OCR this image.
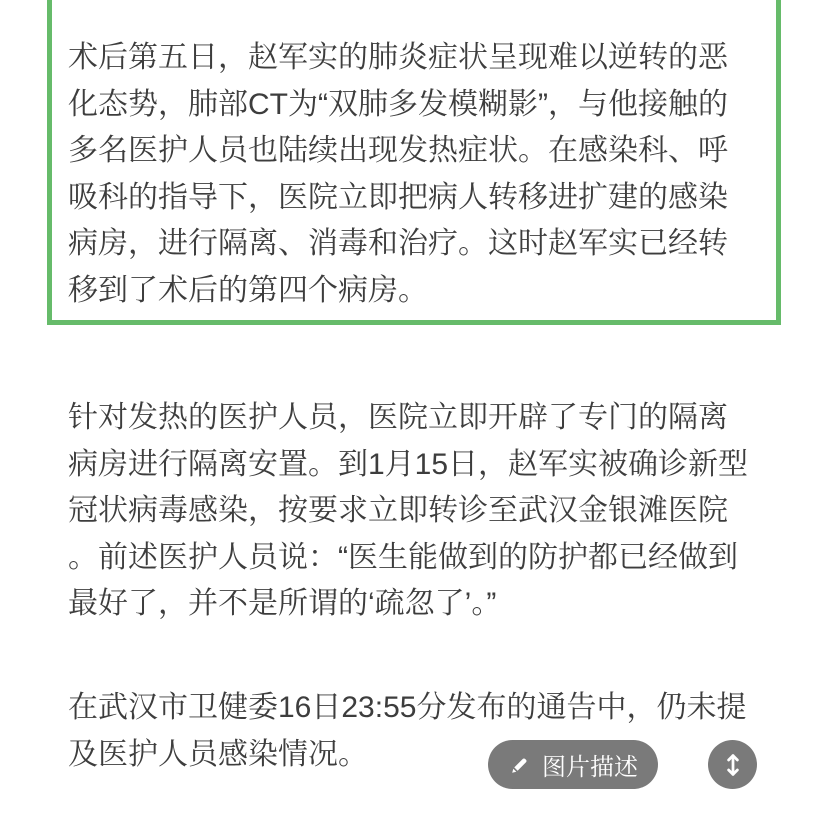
术后第五日，赵军实的肺炎症状呈现难以逆转的恶
化态势，肺部CT为“双肺多发模糊影”，与他接触的
多名医护人员也陆续出现发热症状。在感染科、呼
吸科的指导下，医院立即把病人转移进扩建的感染
病房，进行隔离、消毒和治疗。这时赵军实已经转
移到了术后的第四个病房。
针对发热的医护人员，医院立即开辟了专门的隔离
病房进行隔离安置。到1月15日，赵军实被确诊新型
冠状病毒感染，按要求立即转诊至武汉金银滩医院
。前述医护人员说：“医生能做到的防护都已经做到
最好了，并不是所谓的‘疏忽了’。”
在武汉市卫健委16日23:55分发布的通告中，仍未提
及医护人员感染情况。	图片描述
